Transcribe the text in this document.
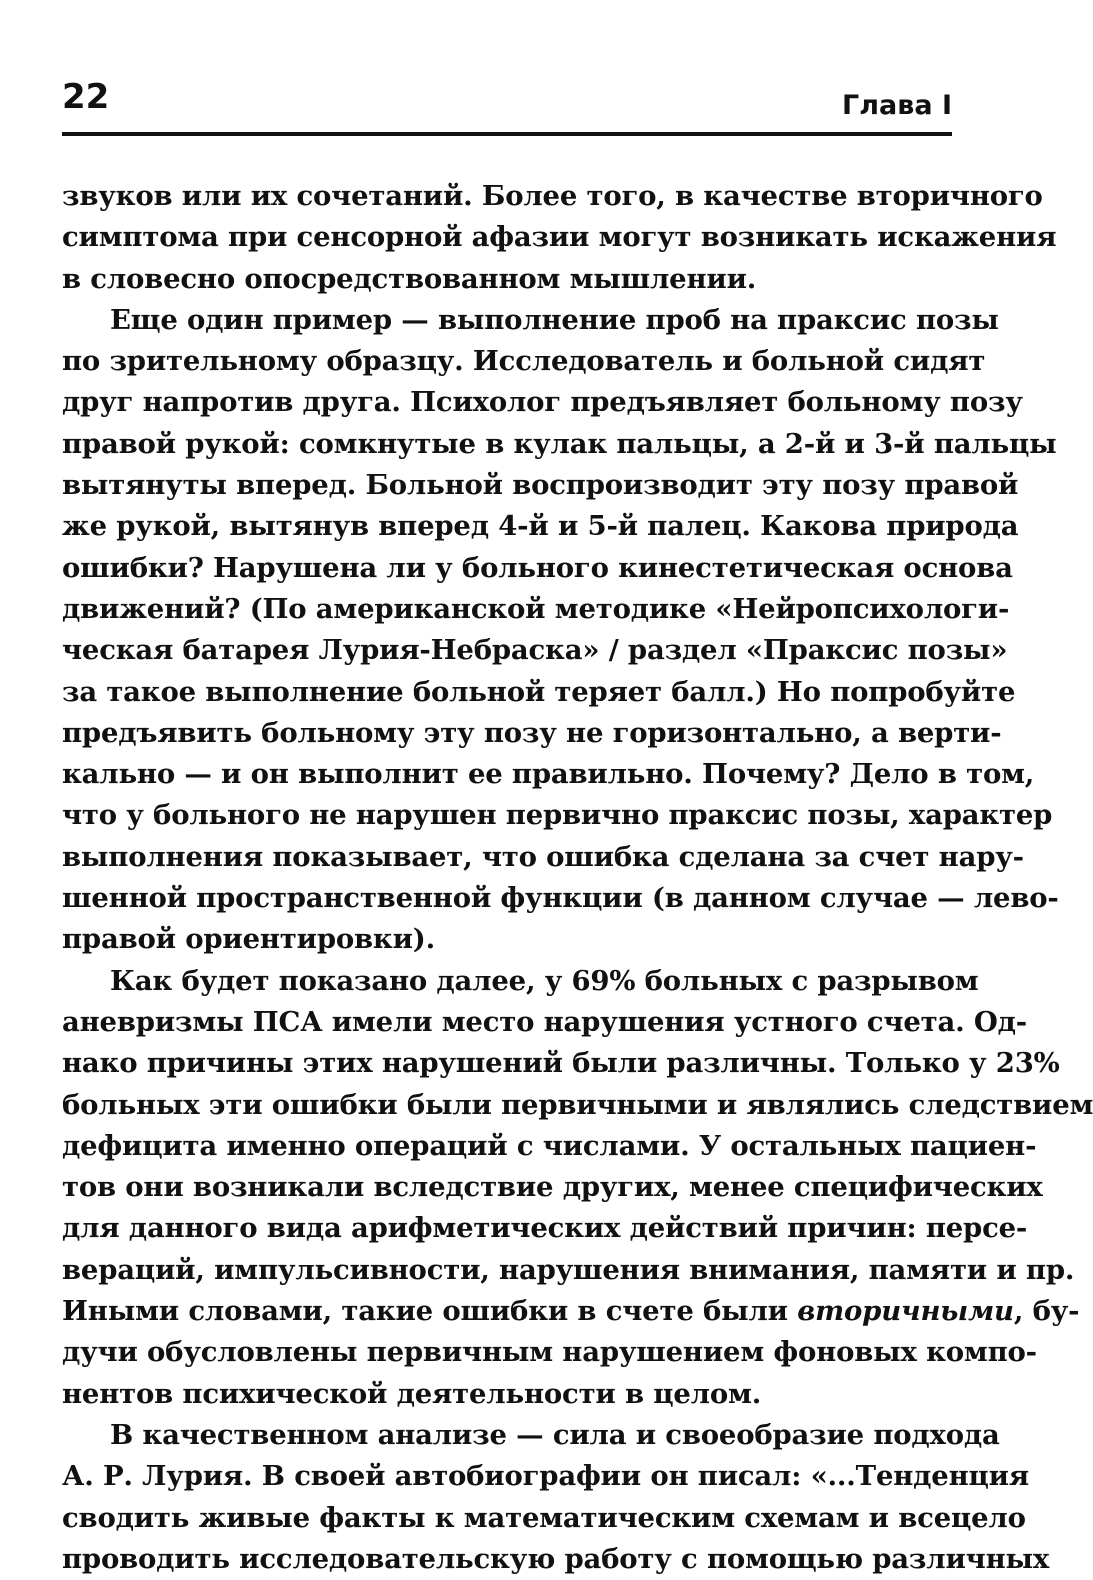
22	Глава I
звуков или их сочетаний. Более того, в качестве вторичного
симптома при сенсорной афазии могут возникать искажения
в словесно опосредствованном мышлении.
Еще один пример — выполнение проб на праксис позы
по зрительному образцу. Исследователь и больной сидят
друг напротив друга. Психолог предъявляет больному позу
правой рукой: сомкнутые в кулак пальцы, а 2-й и 3-й пальцы
вытянуты вперед. Больной воспроизводит эту позу правой
же рукой, вытянув вперед 4-й и 5-й палец. Какова природа
ошибки? Нарушена ли у больного кинестетическая основа
движений? (По американской методике «Нейропсихологи-
ческая батарея Лурия-Небраска» / раздел «Праксис позы»
за такое выполнение больной теряет балл.) Но попробуйте
предъявить больному эту позу не горизонтально, а верти-
кально — и он выполнит ее правильно. Почему? Дело в том,
что у больного не нарушен первично праксис позы, характер
выполнения показывает, что ошибка сделана за счет нару-
шенной пространственной функции (в данном случае — лево-
правой ориентировки).
Как будет показано далее, у 69% больных с разрывом
аневризмы ПСА имели место нарушения устного счета. Од-
нако причины этих нарушений были различны. Только у 23%
больных эти ошибки были первичными и являлись следствием
дефицита именно операций с числами. У остальных пациен-
тов они возникали вследствие других, менее специфических
для данного вида арифметических действий причин: персе-
вераций, импульсивности, нарушения внимания, памяти и пр.
Иными словами, такие ошибки в счете были вторичными, бу-
дучи обусловлены первичным нарушением фоновых компо-
нентов психической деятельности в целом.
В качественном анализе — сила и своеобразие подхода
А. Р. Лурия. В своей автобиографии он писал: «...Тенденция
сводить живые факты к математическим схемам и всецело
проводить исследовательскую работу с помощью различных
